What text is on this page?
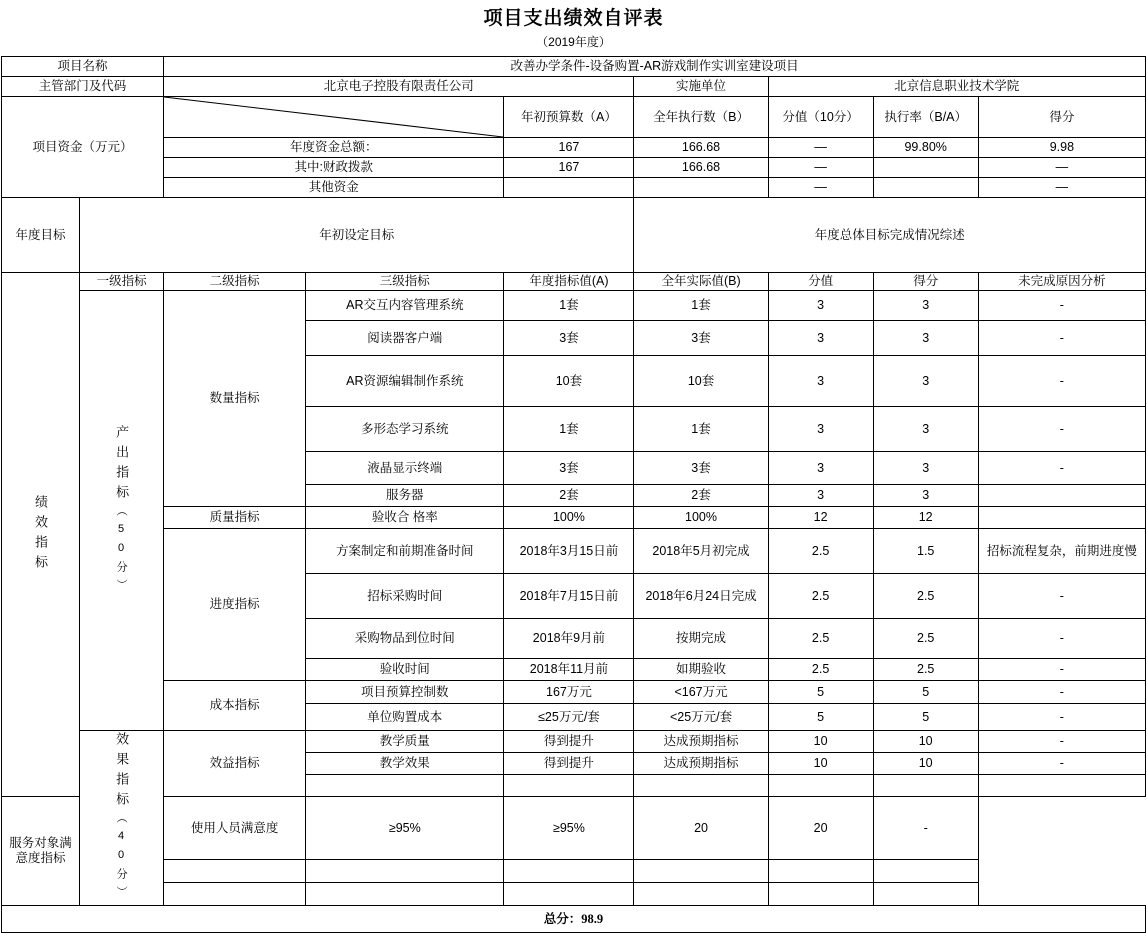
项目支出绩效自评表
（2019年度）
项目名称		改善办学条件-设备购置-AR游戏制作实训室建设项目						
主管部门及代码		北京电子控股有限责任公司			实施单位	北京信息职业技术学院		
项目资金（万元）				年初预算数（A）	全年执行数（B）	分值（10分）	执行率（B/A）	得分
		年度资金总额：		167	166.68	—	99.80%	9.98
		其中:财政拨款		167	166.68	—		—
		其他资金				—		—
年度目标	年初设定目标				年度总体目标完成情况综述			

绩效指标	一级指标	二级指标	三级指标	年度指标值(A)	全年实际值(B)	分值	得分	未完成原因分析

	产出指标（50分）	数量指标	AR交互内容管理系统	1套	1套	3	3	-
			阅读器客户端	3套	3套	3	3	-
			AR资源编辑制作系统	10套	10套	3	3	-
			多形态学习系统	1套	1套	3	3	-
			液晶显示终端	3套	3套	3	3	-
			服务器	2套	2套	3	3	
		质量指标	验收合 格率	100%	100%	12	12	
		进度指标	方案制定和前期准备时间	2018年3月15日前	2018年5月初完成	2.5	1.5	招标流程复杂，前期进度慢
			招标采购时间	2018年7月15日前	2018年6月24日完成	2.5	2.5	-
			采购物品到位时间	2018年9月前	按期完成	2.5	2.5	-
			验收时间	2018年11月前	如期验收	2.5	2.5	-
		成本指标	项目预算控制数	167万元	<167万元	5	5	-
			单位购置成本	≤25万元/套	<25万元/套	5	5	-

	效果指标（40分）	效益指标	教学质量	得到提升	达成预期指标	10	10	-
			教学效果	得到提升	达成预期指标	10	10	-

服务对象满意度指标		使用人员满意度	≥95%	≥95%	20	20	-	

总分：98.9								
